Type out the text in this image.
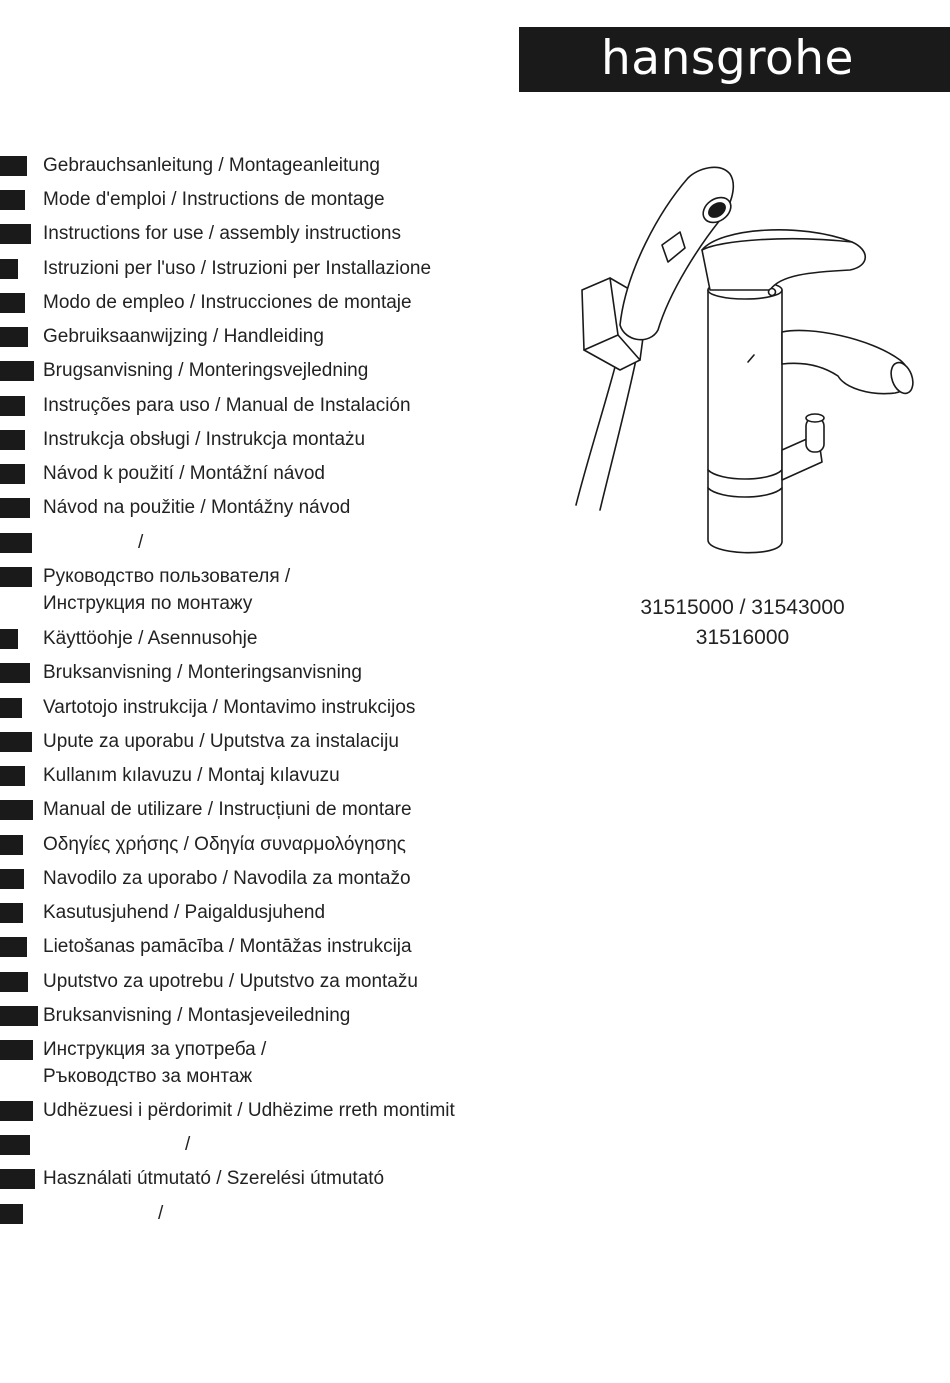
hansgrohe
Gebrauchsanleitung / Montageanleitung
Mode d'emploi / Instructions de montage
Instructions for use / assembly instructions
Istruzioni per l'uso / Istruzioni per Installazione
Modo de empleo / Instrucciones de montaje
Gebruiksaanwijzing / Handleiding
Brugsanvisning / Monteringsvejledning
Instruções para uso / Manual de Instalación
Instrukcja obsługi / Instrukcja montażu
Návod k použití / Montážní návod
Návod na použitie / Montážny návod
/
Руководство пользователя /
Инструкция по монтажу
Käyttöohje / Asennusohje
Bruksanvisning / Monteringsanvisning
Vartotojo instrukcija / Montavimo instrukcijos
Upute za uporabu / Uputstva za instalaciju
Kullanım kılavuzu / Montaj kılavuzu
Manual de utilizare / Instrucțiuni de montare
Οδηγίες χρήσης / Οδηγία συναρμολόγησης
Navodilo za uporabo / Navodila za montažo
Kasutusjuhend / Paigaldusjuhend
Lietošanas pamācība / Montāžas instrukcija
Uputstvo za upotrebu / Uputstvo za montažu
Bruksanvisning / Montasjeveiledning
Инструкция за употреба /
Ръководство за монтаж
Udhëzuesi i përdorimit / Udhëzime rreth montimit
/
Használati útmutató / Szerelési útmutató
/
31515000 / 31543000
31516000
